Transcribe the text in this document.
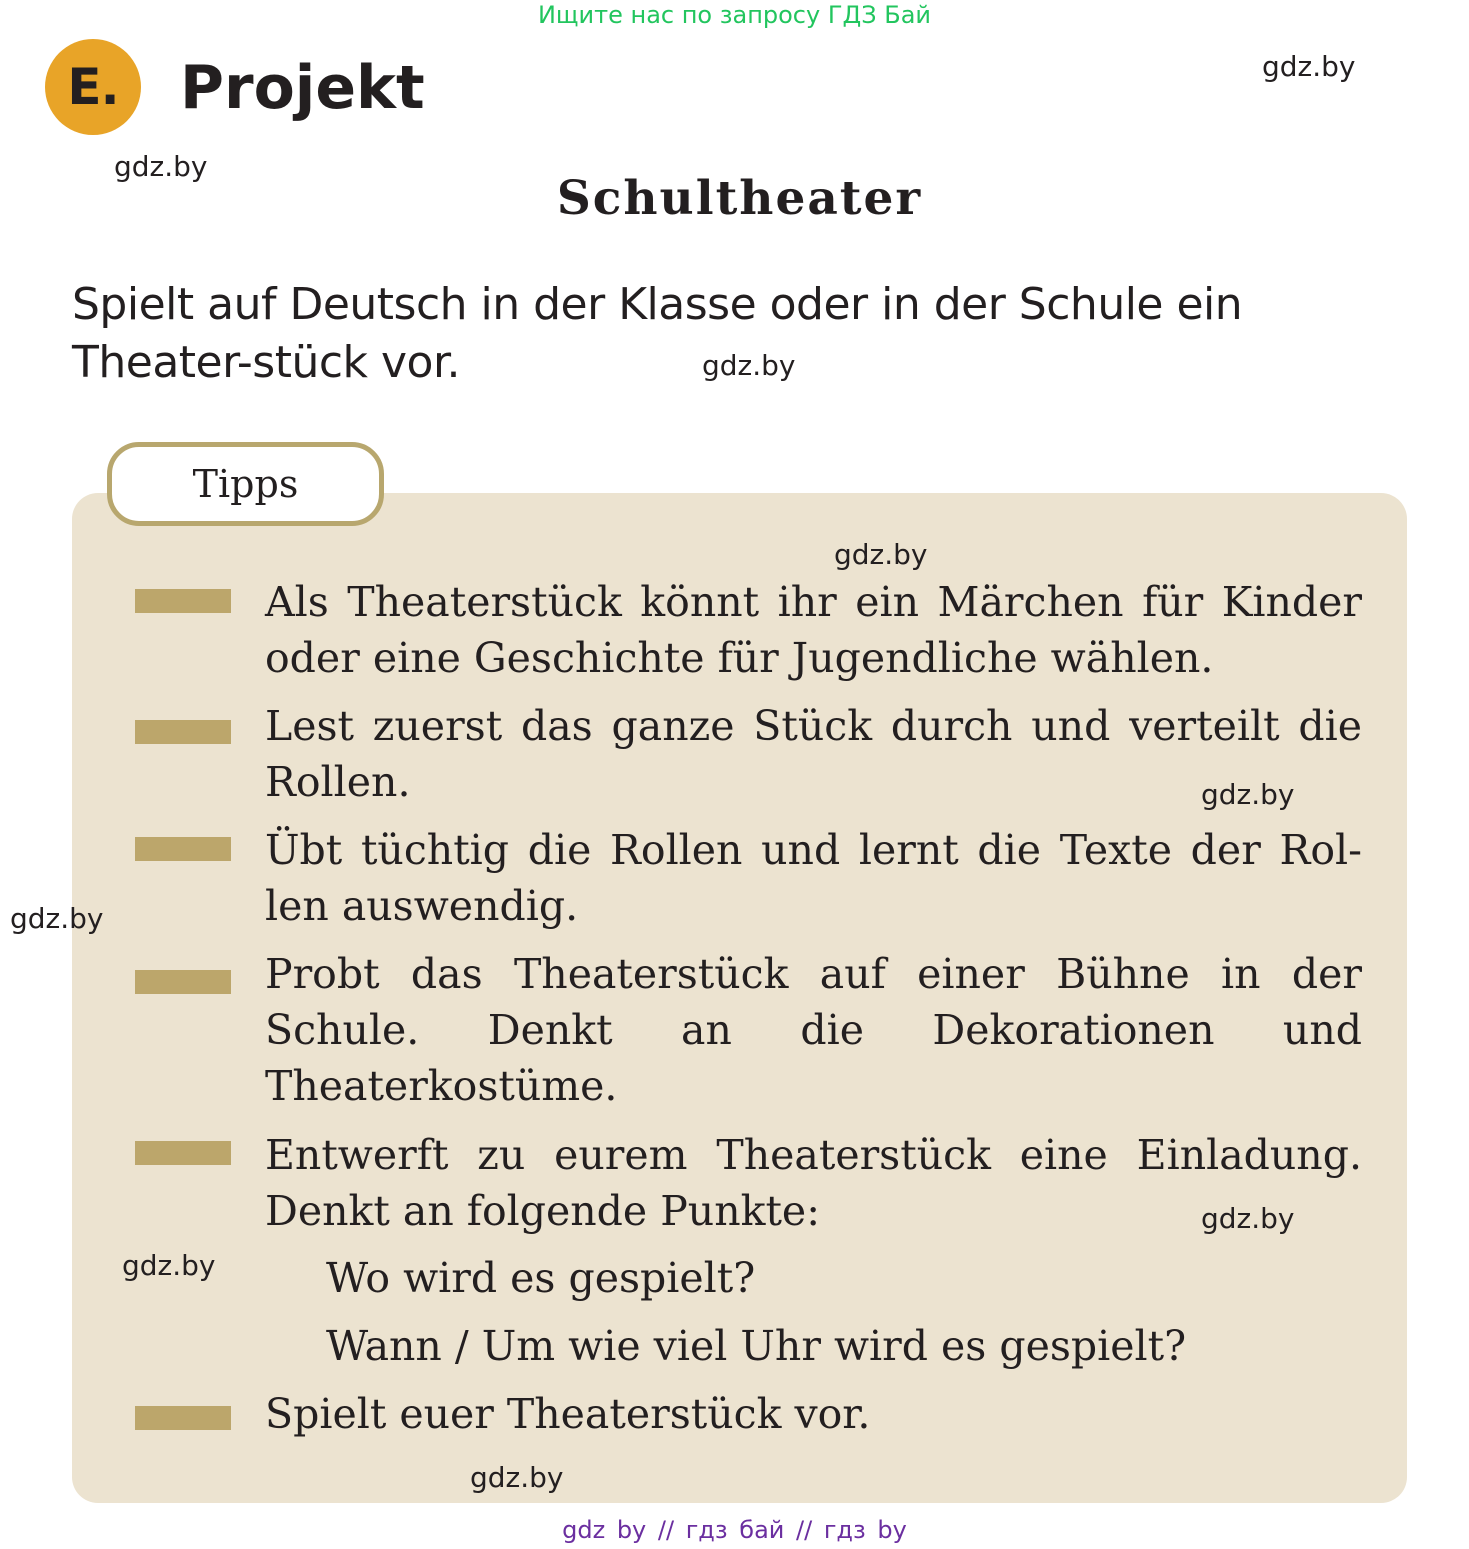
Ищите нас по запросу ГДЗ Бай
E.	Projekt	gdz.by
gdz.by
Schultheater
Spielt auf Deutsch in der Klasse oder in der Schule ein Theater-stück vor.	gdz.by
Tipps
gdz.by
Als Theaterstück könnt ihr ein Märchen für Kinder oder eine Geschichte für Jugendliche wählen.
Lest zuerst das ganze Stück durch und verteilt die Rollen.	gdz.by
Übt tüchtig die Rollen und lernt die Texte der Rol-len auswendig.
gdz.by
Probt das Theaterstück auf einer Bühne in der Schule. Denkt an die Dekorationen und Theaterkostüme.
Entwerft zu eurem Theaterstück eine Einladung. Denkt an folgende Punkte:	gdz.by
gdz.by	Wo wird es gespielt?
Wann / Um wie viel Uhr wird es gespielt?
Spielt euer Theaterstück vor.
gdz.by
gdz by // гдз бай // гдз by
